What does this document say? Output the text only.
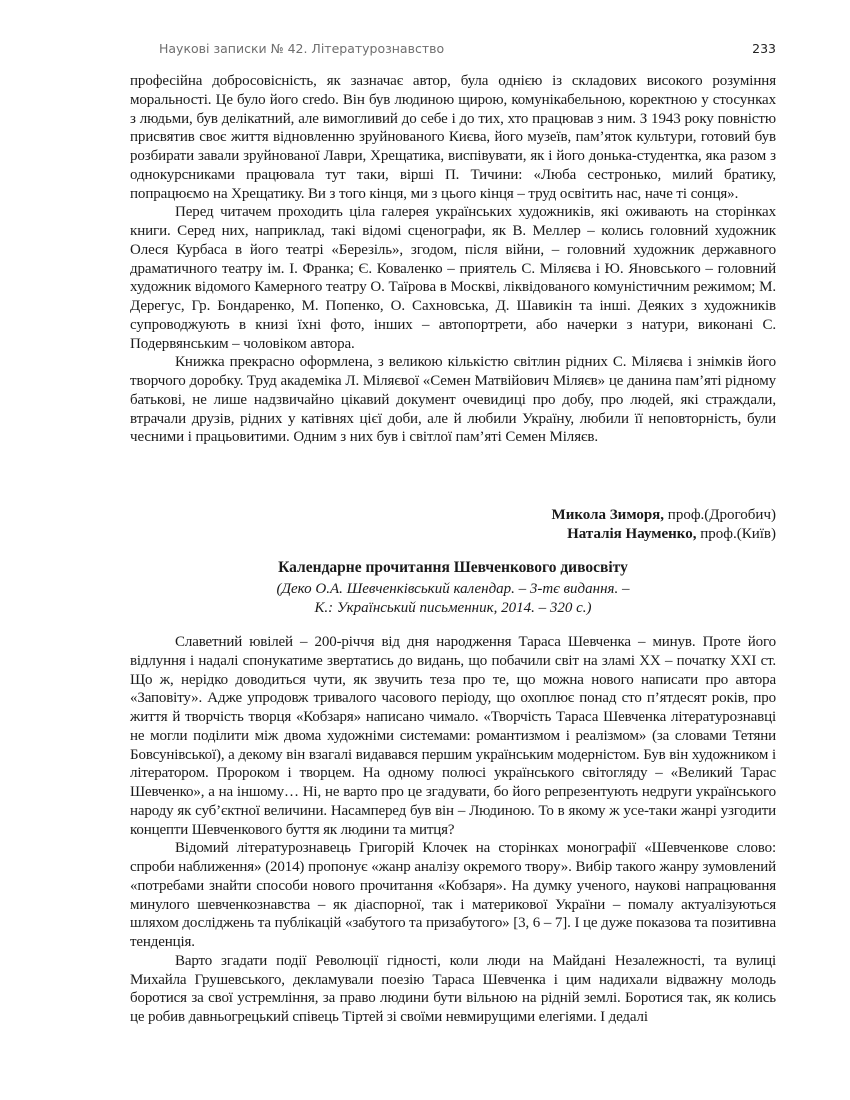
Наукові записки № 42. Літературознавство	233

професійна добросовісність, як зазначає автор, була однією із складових високого розуміння моральності. Це було його credo. Він був людиною щирою, комунікабельною, коректною у стосунках з людьми, був делікатний, але вимогливий до себе і до тих, хто працював з ним. З 1943 року повністю присвятив своє життя відновленню зруйнованого Києва, його музеїв, пам’яток культури, готовий був розбирати завали зруйнованої Лаври, Хрещатика, виспівувати, як і його донька-студентка, яка разом з однокурсниками працювала тут таки, вірші П. Тичини: «Люба сестронько, милий братику, попрацюємо на Хрещатику. Ви з того кінця, ми з цього кінця – труд освітить нас, наче ті сонця».

Перед читачем проходить ціла галерея українських художників, які оживають на сторінках книги. Серед них, наприклад, такі відомі сценографи, як В. Меллер – колись головний художник Олеся Курбаса в його театрі «Березіль», згодом, після війни, – головний художник державного драматичного театру ім. І. Франка; Є. Коваленко – приятель С. Міляєва і Ю. Яновського – головний художник відомого Камерного театру О. Таїрова в Москві, ліквідованого комуністичним режимом; М. Дерегус, Гр. Бондаренко, М. Попенко, О. Сахновська, Д. Шавикін та інші. Деяких з художників супроводжують в книзі їхні фото, інших – автопортрети, або начерки з натури, виконані С. Подервянським – чоловіком автора.

Книжка прекрасно оформлена, з великою кількістю світлин рідних С. Міляєва і знімків його творчого доробку. Труд академіка Л. Міляєвої «Семен Матвійович Міляєв» це данина пам’яті рідному батькові, не лише надзвичайно цікавий документ очевидиці про добу, про людей, які страждали, втрачали друзів, рідних у катівнях цієї доби, але й любили Україну, любили її неповторність, були чесними і працьовитими. Одним з них був і світлої пам’яті Семен Міляєв.

Микола Зиморя, проф.(Дрогобич)
Наталія Науменко, проф.(Київ)
Календарне прочитання Шевченкового дивосвіту
(Деко О.А. Шевченківський календар. – 3-тє видання. –
К.: Український письменник, 2014. – 320 с.)

Славетний ювілей – 200-річчя від дня народження Тараса Шевченка – минув. Проте його відлуння і надалі спонукатиме звертатись до видань, що побачили світ на зламі ХХ – початку ХХІ ст. Що ж, нерідко доводиться чути, як звучить теза про те, що можна нового написати про автора «Заповіту». Адже упродовж тривалого часового періоду, що охоплює понад сто п’ятдесят років, про життя й творчість творця «Кобзаря» написано чимало. «Творчість Тараса Шевченка літературознавці не могли поділити між двома художніми системами: романтизмом і реалізмом» (за словами Тетяни Бовсунівської), а декому він взагалі видавався першим українським модерністом. Був він художником і літератором. Пророком і творцем. На одному полюсі українського світогляду – «Великий Тарас Шевченко», а на іншому… Ні, не варто про це згадувати, бо його репрезентують недруги українського народу як суб’єктної величини. Насамперед був він – Людиною. То в якому ж усе-таки жанрі узгодити концепти Шевченкового буття як людини та митця?

Відомий літературознавець Григорій Клочек на сторінках монографії «Шевченкове слово: спроби наближення» (2014) пропонує «жанр аналізу окремого твору». Вибір такого жанру зумовлений «потребами знайти способи нового прочитання «Кобзаря». На думку ученого, наукові напрацювання минулого шевченкознавства – як діаспорної, так і материкової України – помалу актуалізуються шляхом досліджень та публікацій «забутого та призабутого» [3, 6 – 7]. І це дуже показова та позитивна тенденція.

Варто згадати події Революції гідності, коли люди на Майдані Незалежності, та вулиці Михайла Грушевського, декламували поезію Тараса Шевченка і цим надихали відважну молодь боротися за свої устремління, за право людини бути вільною на рідній землі. Боротися так, як колись це робив давньогрецький співець Тіртей зі своїми невмирущими елегіями. І дедалі
